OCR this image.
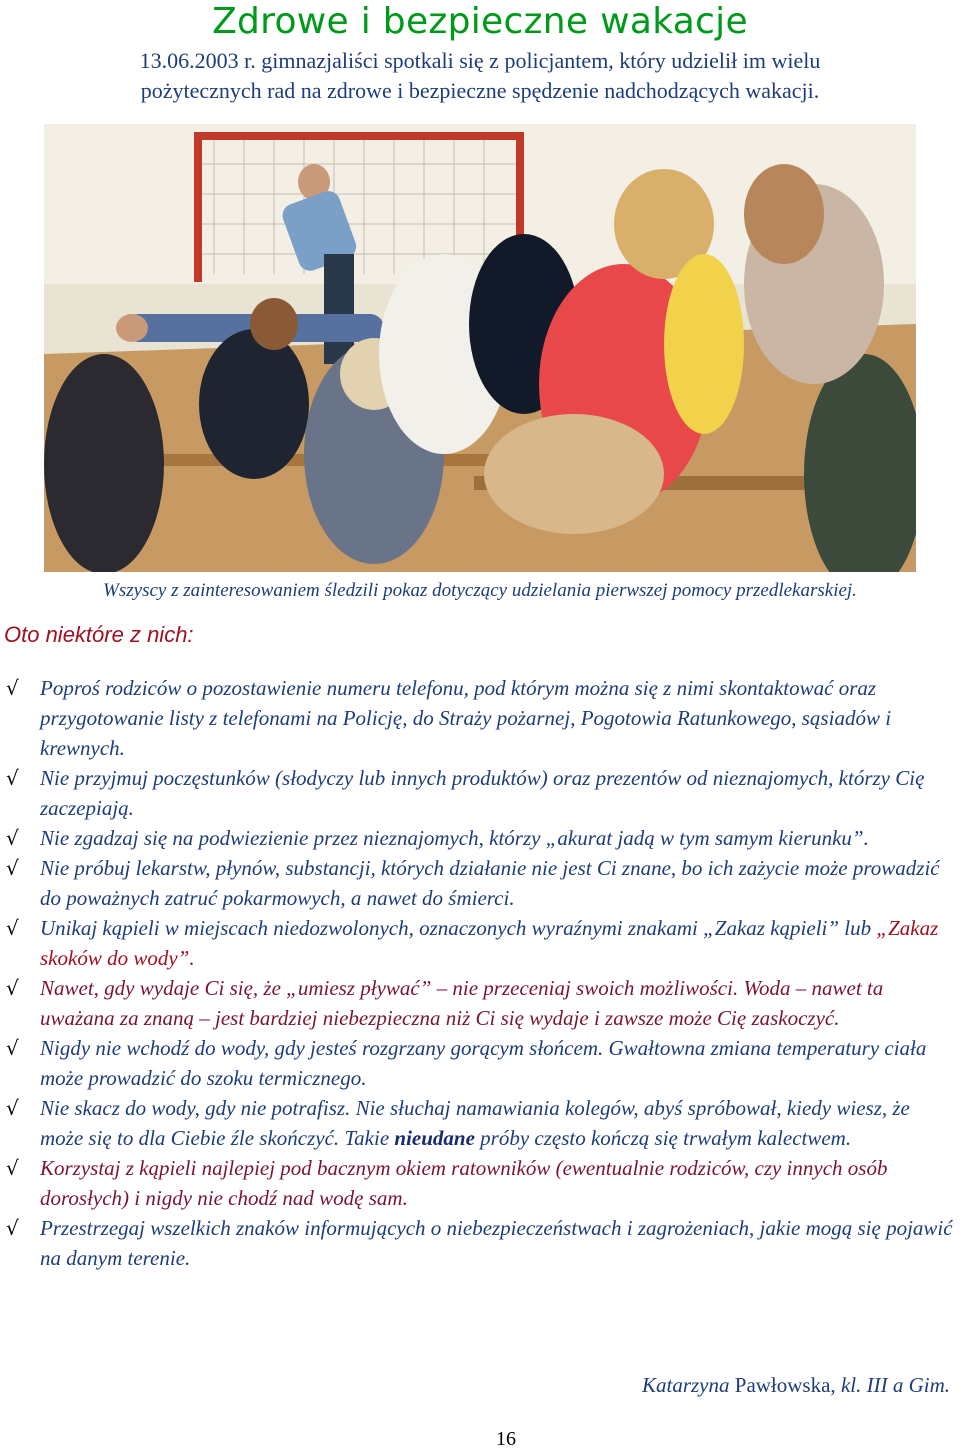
Zdrowe i bezpieczne wakacje
13.06.2003 r. gimnazjaliści spotkali się z policjantem, który udzielił im wielu
pożytecznych rad na zdrowe i bezpieczne spędzenie nadchodzących wakacji.
Wszyscy z zainteresowaniem śledzili pokaz dotyczący udzielania pierwszej pomocy przedlekarskiej.
Oto niektóre z nich:
√	Poproś rodziców o pozostawienie numeru telefonu, pod którym można się z nimi skontaktować oraz przygotowanie listy z telefonami na Policję, do Straży pożarnej, Pogotowia Ratunkowego, sąsiadów i krewnych.
√	Nie przyjmuj poczęstunków (słodyczy lub innych produktów) oraz prezentów od nieznajomych, którzy Cię zaczepiają.
√	Nie zgadzaj się na podwiezienie przez nieznajomych, którzy „akurat jadą w tym samym kierunku”.
√	Nie próbuj lekarstw, płynów, substancji, których działanie nie jest Ci znane, bo ich zażycie może prowadzić do poważnych zatruć pokarmowych, a nawet do śmierci.
√	Unikaj kąpieli w miejscach niedozwolonych, oznaczonych wyraźnymi znakami „Zakaz kąpieli” lub „Zakaz skoków do wody”.
√	Nawet, gdy wydaje Ci się, że „umiesz pływać” – nie przeceniaj swoich możliwości. Woda – nawet ta uważana za znaną – jest bardziej niebezpieczna niż Ci się wydaje i zawsze może Cię zaskoczyć.
√	Nigdy nie wchodź do wody, gdy jesteś rozgrzany gorącym słońcem. Gwałtowna zmiana temperatury ciała może prowadzić do szoku termicznego.
√	Nie skacz do wody, gdy nie potrafisz. Nie słuchaj namawiania kolegów, abyś spróbował, kiedy wiesz, że może się to dla Ciebie źle skończyć. Takie nieudane próby często kończą się trwałym kalectwem.
√	Korzystaj z kąpieli najlepiej pod bacznym okiem ratowników (ewentualnie rodziców, czy innych osób dorosłych) i nigdy nie chodź nad wodę sam.
√	Przestrzegaj wszelkich znaków informujących o niebezpieczeństwach i zagrożeniach, jakie mogą się pojawić na danym terenie.
Katarzyna Pawłowska, kl. III a Gim.
16
